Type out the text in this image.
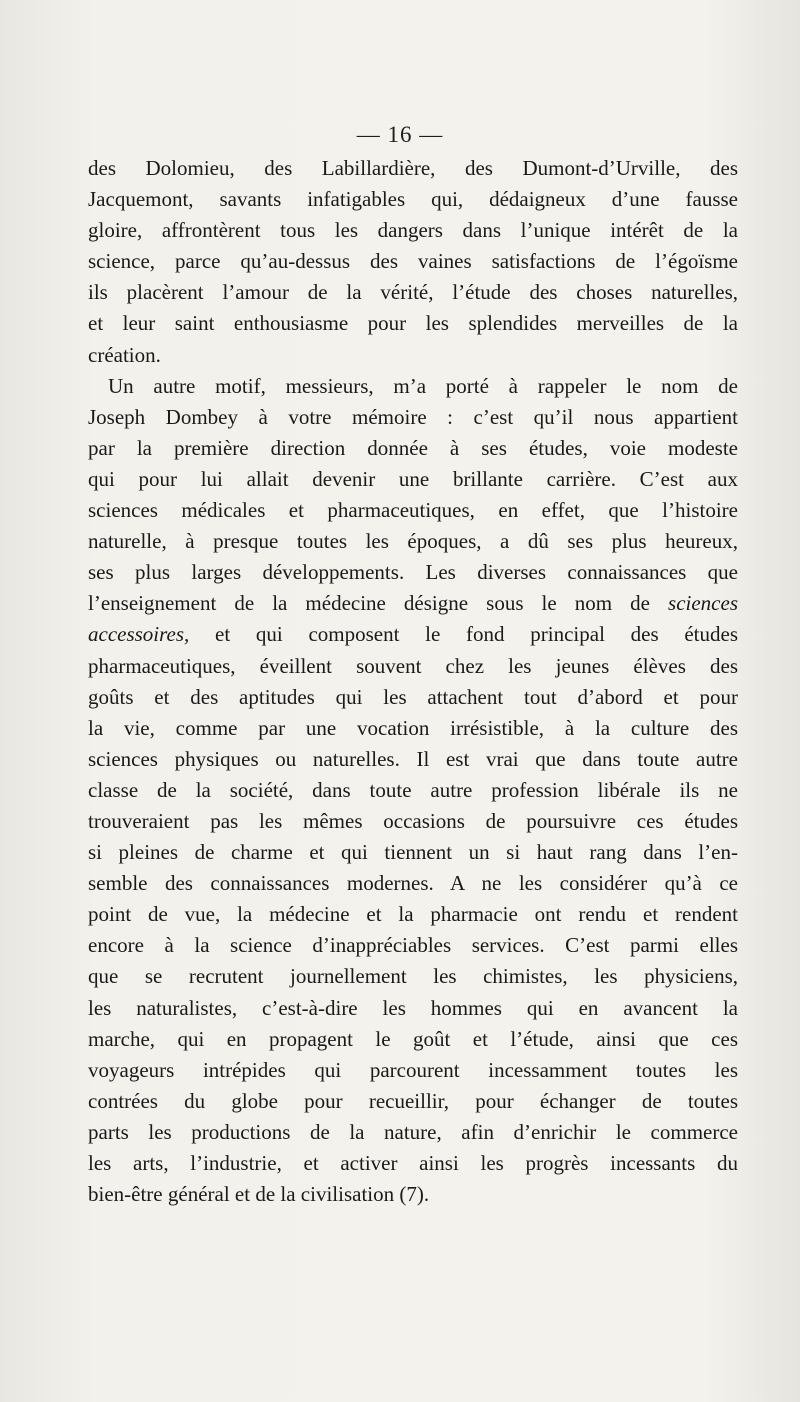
— 16 —
des Dolomieu, des Labillardière, des Dumont-d’Urville, des
Jacquemont, savants infatigables qui, dédaigneux d’une fausse
gloire, affrontèrent tous les dangers dans l’unique intérêt de la
science, parce qu’au-dessus des vaines satisfactions de l’égoïsme
ils placèrent l’amour de la vérité, l’étude des choses naturelles,
et leur saint enthousiasme pour les splendides merveilles de la
création.
Un autre motif, messieurs, m’a porté à rappeler le nom de
Joseph Dombey à votre mémoire : c’est qu’il nous appartient
par la première direction donnée à ses études, voie modeste
qui pour lui allait devenir une brillante carrière. C’est aux
sciences médicales et pharmaceutiques, en effet, que l’histoire
naturelle, à presque toutes les époques, a dû ses plus heureux,
ses plus larges développements. Les diverses connaissances que
l’enseignement de la médecine désigne sous le nom de sciences
accessoires, et qui composent le fond principal des études
pharmaceutiques, éveillent souvent chez les jeunes élèves des
goûts et des aptitudes qui les attachent tout d’abord et pour
la vie, comme par une vocation irrésistible, à la culture des
sciences physiques ou naturelles. Il est vrai que dans toute autre
classe de la société, dans toute autre profession libérale ils ne
trouveraient pas les mêmes occasions de poursuivre ces études
si pleines de charme et qui tiennent un si haut rang dans l’en-
semble des connaissances modernes. A ne les considérer qu’à ce
point de vue, la médecine et la pharmacie ont rendu et rendent
encore à la science d’inappréciables services. C’est parmi elles
que se recrutent journellement les chimistes, les physiciens,
les naturalistes, c’est-à-dire les hommes qui en avancent la
marche, qui en propagent le goût et l’étude, ainsi que ces
voyageurs intrépides qui parcourent incessamment toutes les
contrées du globe pour recueillir, pour échanger de toutes
parts les productions de la nature, afin d’enrichir le commerce
les arts, l’industrie, et activer ainsi les progrès incessants du
bien-être général et de la civilisation (7).
